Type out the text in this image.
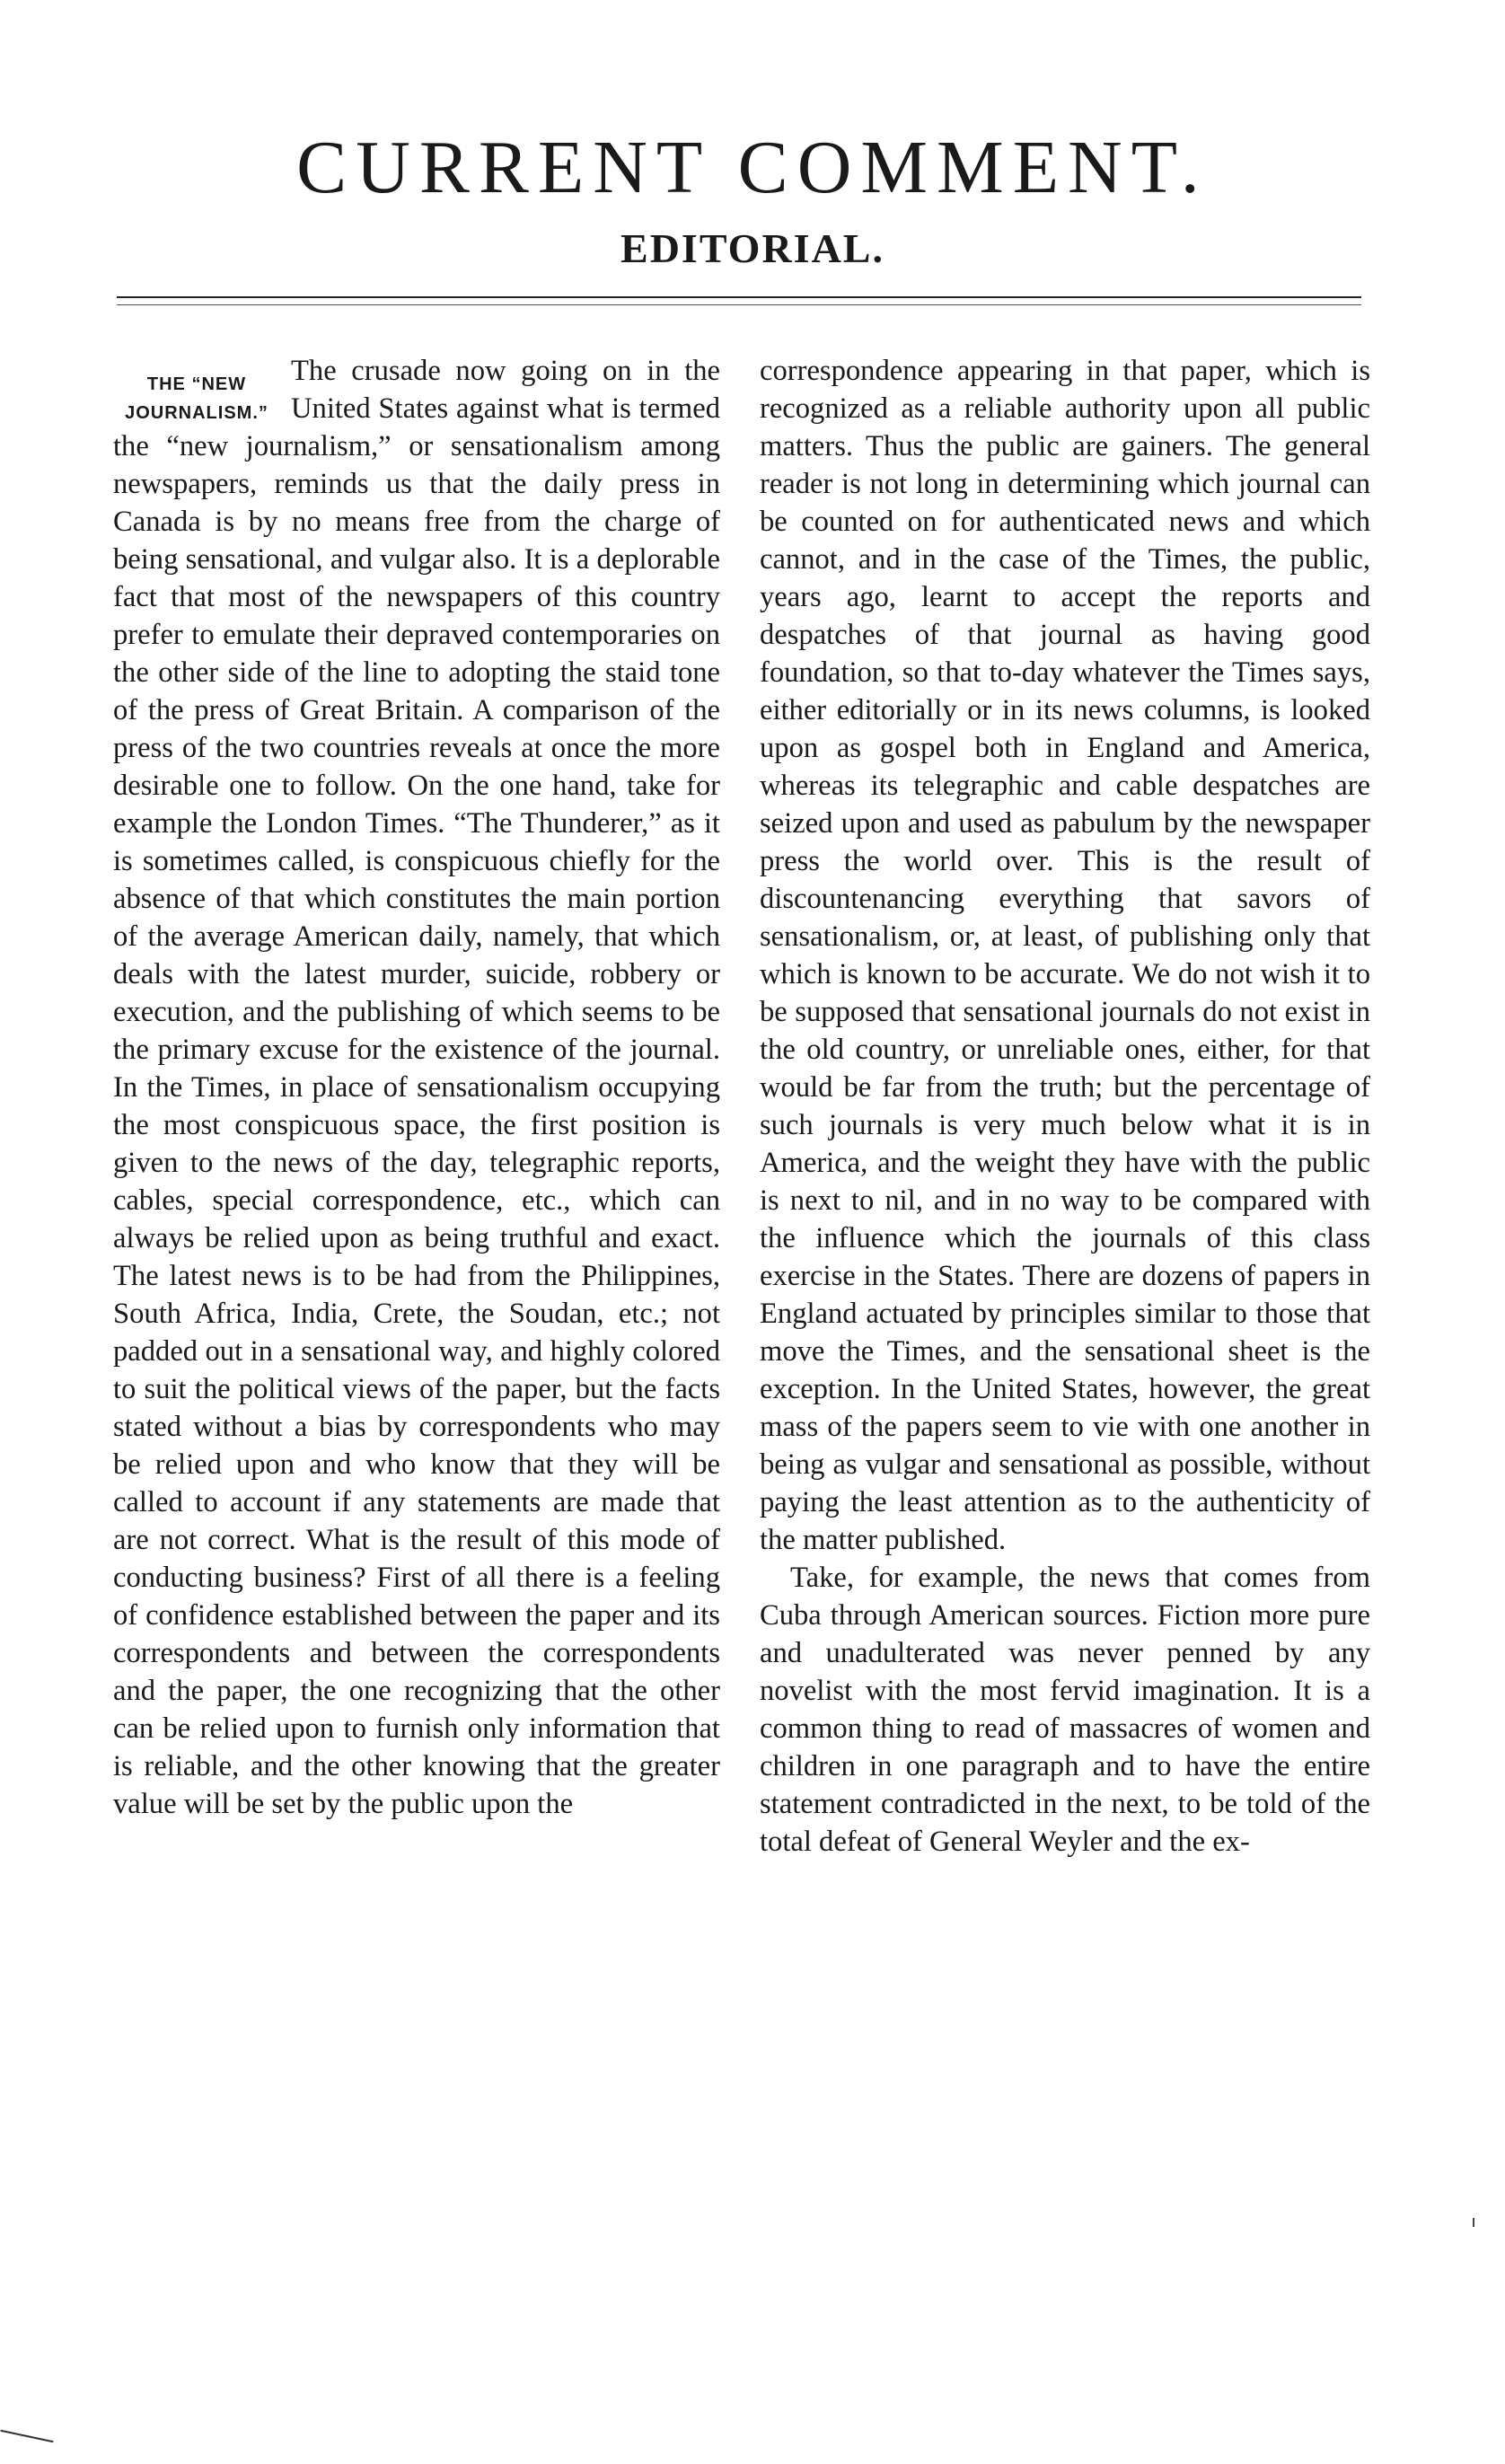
CURRENT COMMENT.
EDITORIAL.
THE “NEW
JOURNALISM.”

The crusade now going on in the United States against what is termed the “new journalism,” or sensationalism among newspapers, reminds us that the daily press in Canada is by no means free from the charge of being sensational, and vulgar also. It is a deplorable fact that most of the newspapers of this country prefer to emulate their depraved contemporaries on the other side of the line to adopting the staid tone of the press of Great Britain. A comparison of the press of the two countries reveals at once the more desirable one to follow. On the one hand, take for example the London Times. “The Thunderer,” as it is sometimes called, is conspicuous chiefly for the absence of that which constitutes the main portion of the average American daily, namely, that which deals with the latest murder, suicide, robbery or execution, and the publishing of which seems to be the primary excuse for the existence of the journal. In the Times, in place of sensationalism occupying the most conspicuous space, the first position is given to the news of the day, telegraphic reports, cables, special correspondence, etc., which can always be relied upon as being truthful and exact. The latest news is to be had from the Philippines, South Africa, India, Crete, the Soudan, etc.; not padded out in a sensational way, and highly colored to suit the political views of the paper, but the facts stated without a bias by correspondents who may be relied upon and who know that they will be called to account if any statements are made that are not correct. What is the result of this mode of conducting business? First of all there is a feeling of confidence established between the paper and its correspondents and between the correspondents and the paper, the one recognizing that the other can be relied upon to furnish only information that is reliable, and the other knowing that the greater value will be set by the public upon the

correspondence appearing in that paper, which is recognized as a reliable authority upon all public matters. Thus the public are gainers. The general reader is not long in determining which journal can be counted on for authenticated news and which cannot, and in the case of the Times, the public, years ago, learnt to accept the reports and despatches of that journal as having good foundation, so that to-day whatever the Times says, either editorially or in its news columns, is looked upon as gospel both in England and America, whereas its telegraphic and cable despatches are seized upon and used as pabulum by the newspaper press the world over. This is the result of discountenancing everything that savors of sensationalism, or, at least, of publishing only that which is known to be accurate. We do not wish it to be supposed that sensational journals do not exist in the old country, or unreliable ones, either, for that would be far from the truth; but the percentage of such journals is very much below what it is in America, and the weight they have with the public is next to nil, and in no way to be compared with the influence which the journals of this class exercise in the States. There are dozens of papers in England actuated by principles similar to those that move the Times, and the sensational sheet is the exception. In the United States, however, the great mass of the papers seem to vie with one another in being as vulgar and sensational as possible, without paying the least attention as to the authenticity of the matter published.

Take, for example, the news that comes from Cuba through American sources. Fiction more pure and unadulterated was never penned by any novelist with the most fervid imagination. It is a common thing to read of massacres of women and children in one paragraph and to have the entire statement contradicted in the next, to be told of the total defeat of General Weyler and the ex-
